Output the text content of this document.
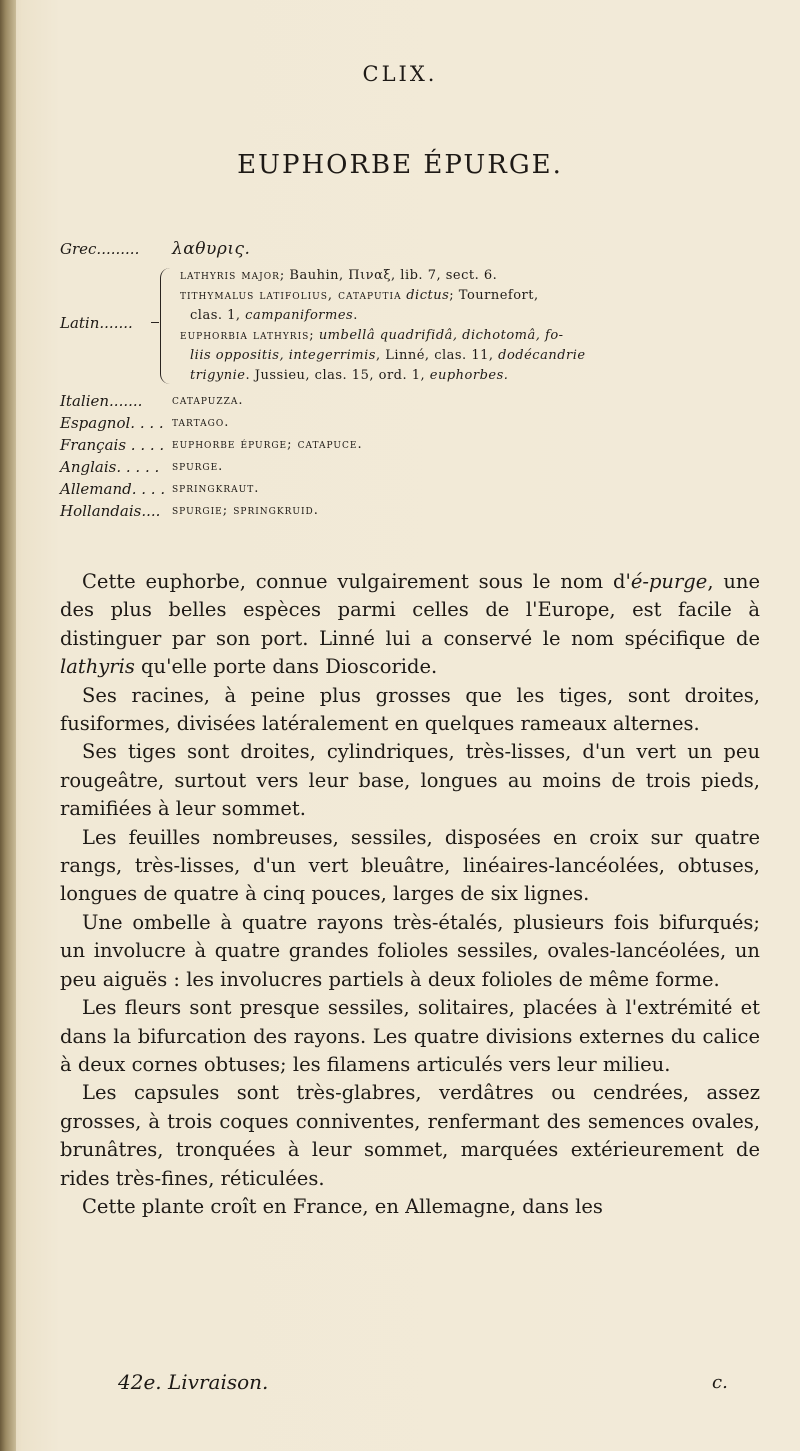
CLIX.
EUPHORBE ÉPURGE.
Grec......... λαθυρις.
Latin.......
lathyris major; Bauhin, Πιναξ, lib. 7, sect. 6.
tithymalus latifolius, cataputia dictus; Tournefort,
clas. 1, campaniformes.
euphorbia lathyris; umbellâ quadrifidâ, dichotomâ, fo-
liis oppositis, integerrimis, Linné, clas. 11, dodécandrie
trigynie. Jussieu, clas. 15, ord. 1, euphorbes.
Italien....... catapuzza.
Espagnol. . . . tartago.
Français . . . . euphorbe épurge; catapuce.
Anglais. . . . . spurge.
Allemand. . . . springkraut.
Hollandais.... spurgie; springkruid.

Cette euphorbe, connue vulgairement sous le nom d'é-purge, une des plus belles espèces parmi celles de l'Europe, est facile à distinguer par son port. Linné lui a conservé le nom spécifique de lathyris qu'elle porte dans Dioscoride.

Ses racines, à peine plus grosses que les tiges, sont droites, fusiformes, divisées latéralement en quelques rameaux alternes.

Ses tiges sont droites, cylindriques, très-lisses, d'un vert un peu rougeâtre, surtout vers leur base, longues au moins de trois pieds, ramifiées à leur sommet.

Les feuilles nombreuses, sessiles, disposées en croix sur quatre rangs, très-lisses, d'un vert bleuâtre, linéaires-lancéolées, obtuses, longues de quatre à cinq pouces, larges de six lignes.

Une ombelle à quatre rayons très-étalés, plusieurs fois bifurqués; un involucre à quatre grandes folioles sessiles, ovales-lancéolées, un peu aiguës : les involucres partiels à deux folioles de même forme.

Les fleurs sont presque sessiles, solitaires, placées à l'extrémité et dans la bifurcation des rayons. Les quatre divisions externes du calice à deux cornes obtuses; les filamens articulés vers leur milieu.

Les capsules sont très-glabres, verdâtres ou cendrées, assez grosses, à trois coques conniventes, renfermant des semences ovales, brunâtres, tronquées à leur sommet, marquées extérieurement de rides très-fines, réticulées.

Cette plante croît en France, en Allemagne, dans les

42e. Livraison.	c.
